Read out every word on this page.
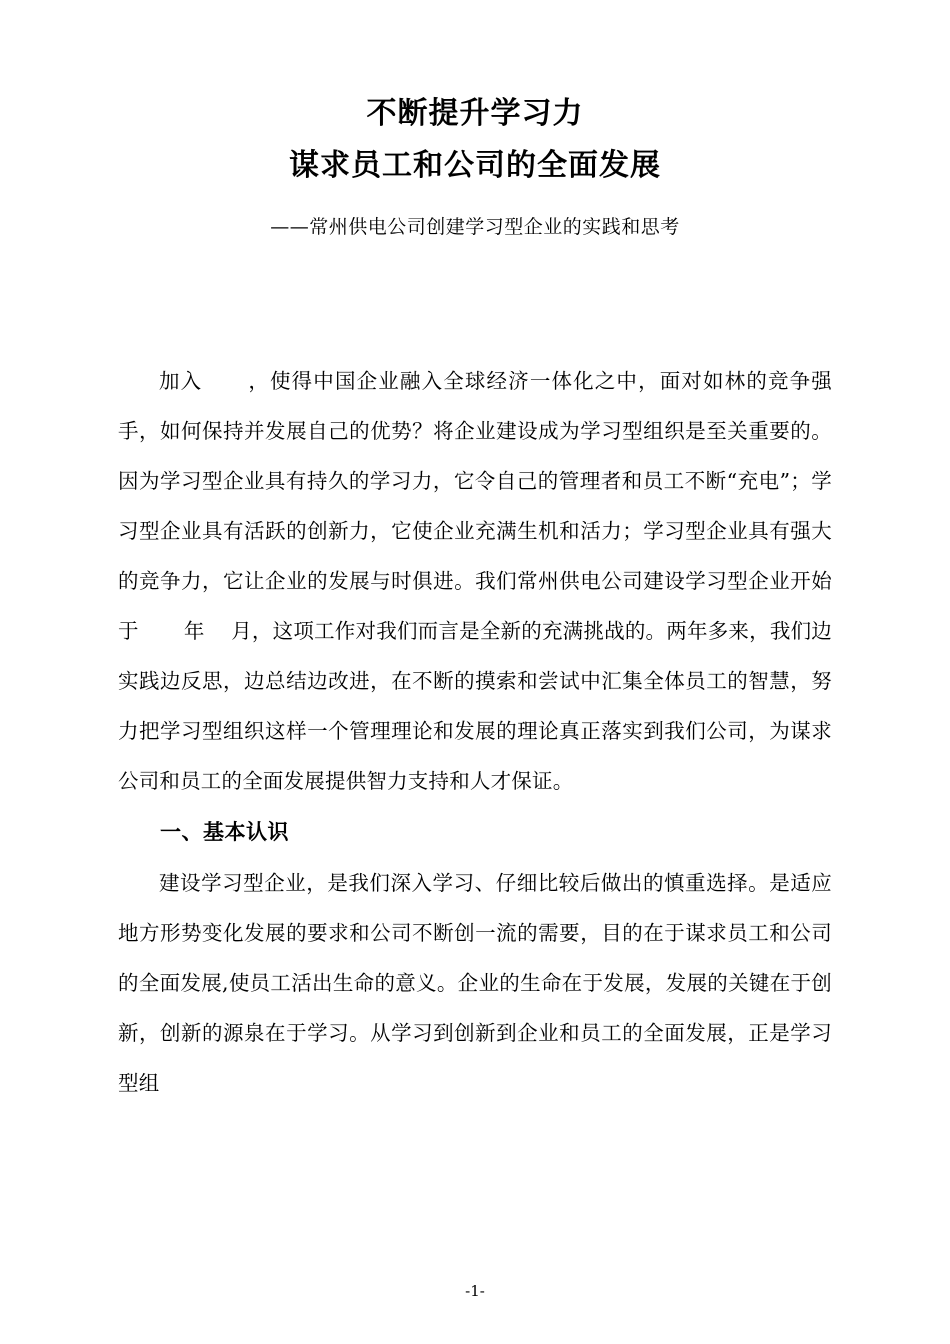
不断提升学习力
谋求员工和公司的全面发展
——常州供电公司创建学习型企业的实践和思考

加入 ，使得中国企业融入全球经济一体化之中，面对如林的竞争强手，如何保持并发展自己的优势？将企业建设成为学习型组织是至关重要的。因为学习型企业具有持久的学习力，它令自己的管理者和员工不断“充电”；学习型企业具有活跃的创新力，它使企业充满生机和活力；学习型企业具有强大的竞争力，它让企业的发展与时俱进。我们常州供电公司建设学习型企业开始于 年 月，这项工作对我们而言是全新的充满挑战的。两年多来，我们边实践边反思，边总结边改进，在不断的摸索和尝试中汇集全体员工的智慧，努力把学习型组织这样一个管理理论和发展的理论真正落实到我们公司，为谋求公司和员工的全面发展提供智力支持和人才保证。

一、基本认识

建设学习型企业，是我们深入学习、仔细比较后做出的慎重选择。是适应地方形势变化发展的要求和公司不断创一流的需要，目的在于谋求员工和公司的全面发展,使员工活出生命的意义。企业的生命在于发展，发展的关键在于创新，创新的源泉在于学习。从学习到创新到企业和员工的全面发展，正是学习型组

-1-
